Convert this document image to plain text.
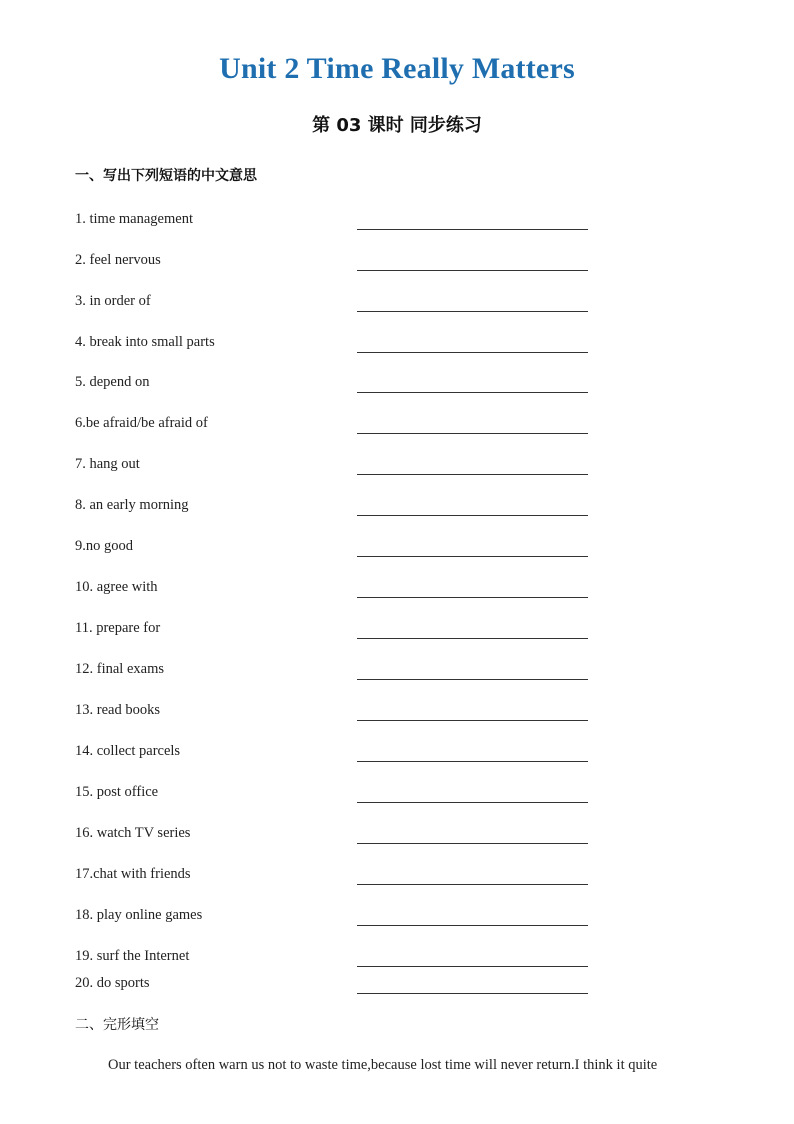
Unit 2 Time Really Matters
第 03 课时 同步练习
一、写出下列短语的中文意思
1. time management
2. feel nervous
3. in order of
4. break into small parts
5. depend on
6.be afraid/be afraid of
7. hang out
8. an early morning
9.no good
10. agree with
11. prepare for
12. final exams
13. read books
14. collect parcels
15. post office
16. watch TV series
17.chat with friends
18. play online games
19. surf the Internet
20. do sports
二、完形填空
Our teachers often warn us not to waste time,because lost time will never return.I think it quite
